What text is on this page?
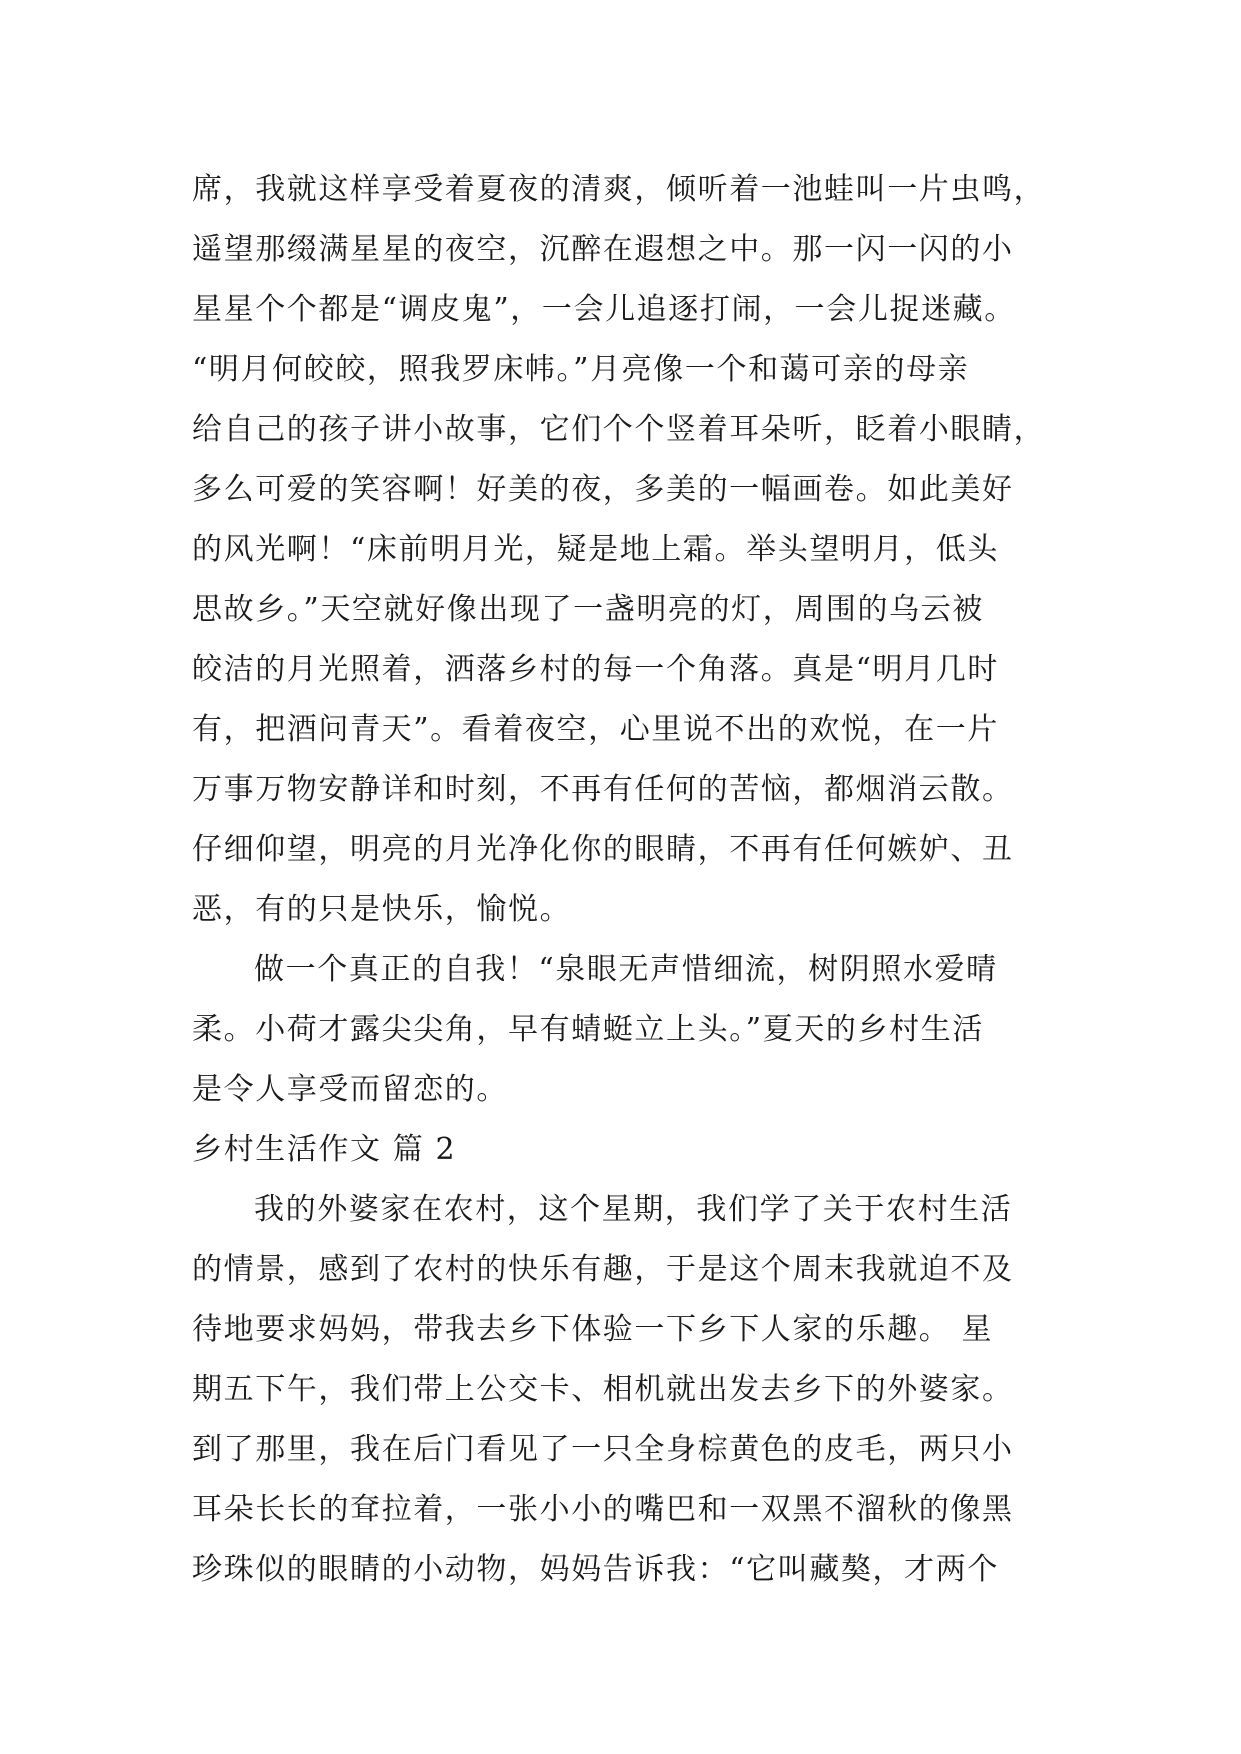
席，我就这样享受着夏夜的清爽，倾听着一池蛙叫一片虫鸣，
遥望那缀满星星的夜空，沉醉在遐想之中。那一闪一闪的小
星星个个都是“调皮鬼”，一会儿追逐打闹，一会儿捉迷藏。
“明月何皎皎，照我罗床帏。”月亮像一个和蔼可亲的母亲
给自己的孩子讲小故事，它们个个竖着耳朵听，眨着小眼睛，
多么可爱的笑容啊！好美的夜，多美的一幅画卷。如此美好
的风光啊！“床前明月光，疑是地上霜。举头望明月，低头
思故乡。”天空就好像出现了一盏明亮的灯，周围的乌云被
皎洁的月光照着，洒落乡村的每一个角落。真是“明月几时
有，把酒问青天”。看着夜空，心里说不出的欢悦，在一片
万事万物安静详和时刻，不再有任何的苦恼，都烟消云散。
仔细仰望，明亮的月光净化你的眼睛，不再有任何嫉妒、丑
恶，有的只是快乐，愉悦。
做一个真正的自我！“泉眼无声惜细流，树阴照水爱晴
柔。小荷才露尖尖角，早有蜻蜓立上头。”夏天的乡村生活
是令人享受而留恋的。
乡村生活作文 篇 2
我的外婆家在农村，这个星期，我们学了关于农村生活
的情景，感到了农村的快乐有趣，于是这个周末我就迫不及
待地要求妈妈，带我去乡下体验一下乡下人家的乐趣。 星
期五下午，我们带上公交卡、相机就出发去乡下的外婆家。
到了那里，我在后门看见了一只全身棕黄色的皮毛，两只小
耳朵长长的耷拉着，一张小小的嘴巴和一双黑不溜秋的像黑
珍珠似的眼睛的小动物，妈妈告诉我：“它叫藏獒，才两个
